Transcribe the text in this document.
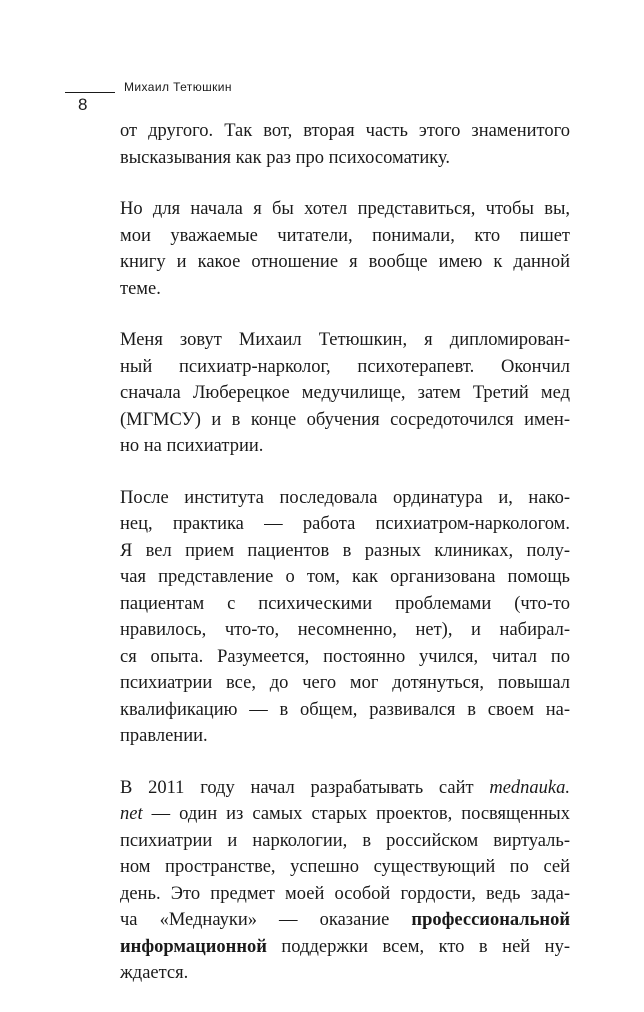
8
Михаил Тетюшкин
от другого. Так вот, вторая часть этого знаменитого
высказывания как раз про психосоматику.
Но для начала я бы хотел представиться, чтобы вы,
мои уважаемые читатели, понимали, кто пишет
книгу и какое отношение я вообще имею к данной
теме.
Меня зовут Михаил Тетюшкин, я дипломирован-
ный психиатр-нарколог, психотерапевт. Окончил
сначала Люберецкое медучилище, затем Третий мед
(МГМСУ) и в конце обучения сосредоточился имен-
но на психиатрии.
После института последовала ординатура и, нако-
нец, практика — работа психиатром-наркологом.
Я вел прием пациентов в разных клиниках, полу-
чая представление о том, как организована помощь
пациентам с психическими проблемами (что-то
нравилось, что-то, несомненно, нет), и набирал-
ся опыта. Разумеется, постоянно учился, читал по
психиатрии все, до чего мог дотянуться, повышал
квалификацию — в общем, развивался в своем на-
правлении.
В 2011 году начал разрабатывать сайт mednauka.
net — один из самых старых проектов, посвященных
психиатрии и наркологии, в российском виртуаль-
ном пространстве, успешно существующий по сей
день. Это предмет моей особой гордости, ведь зада-
ча «Меднауки» — оказание профессиональной
информационной поддержки всем, кто в ней ну-
ждается.
